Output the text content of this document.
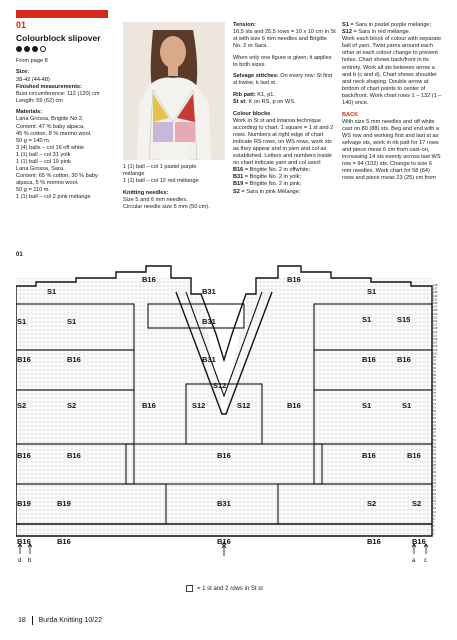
01
Colourblock slipover

From page 8

Size:

38-42 (44-48)
Finished measurements:
Bust circumference: 112 (120) cm

Length: 59 (62) cm

Materials:
Lana Grossa, Brigitte No 2.
Content: 47 % baby alpaca,
45 % cotton, 8 % merino wool.
50 g = 140 m.
3 (4) balls – col 16 off white
1 (1) ball – col 31 yolk
1 (1) ball – col 19 pink
Lana Grossa, Sara.
Content: 65 % cotton, 30 % baby
alpaca, 5 % merino wool.
50 g = 110 m.
1 (1) ball – col 2 pink mélange
1 (1) ball – col 1 pastel purple
mélange

1 (1) ball – col 12 red mélange

Knitting needles:
Size 5 and 6 mm needles.
Circular needle size 5 mm (50 cm).
Tension:

16,5 sts and 25,5 rows = 10 x 10 cm in St st with size 6 mm needles and Brigitte No. 2 or Sara.

When only one figure is given, it applies to both sizes.

Selvage stitches: On every row: Sl first st kwise, k last st.

Rib patt: K1, p1.

St st: K on RS, p on WS.

Colour blocks
Work in St st and intarsia technique according to chart. 1 square = 1 st and 2 rows. Numbers at right edge of chart indicate RS rows, on WS rows, work sts as they appear and in yarn and col as established. Letters and numbers inside on chart indicate yarn and col used:
B16 = Brigitte No. 2 in offwhite;
B31 = Brigitte No. 2 in yolk;
B19 = Brigitte No. 2 in pink;
S2 = Sara in pink Mélange;
S1 = Sara in pastel purple mélange;
S12 = Sara in red mélange.

Work each block of colour with separate ball of yarn. Twist yarns around each other at each colour change to prevent holes. Chart shows back/front in its entirety. Work all sts between arrow a and b (c and d). Chart shows shoulder and neck shaping. Double arrow at bottom of chart points to center of back/front. Work chart rows 1 – 132 (1 – 140) once.

BACK
With size 5 mm needles and off white cast on 80 (88) sts. Beg and end with a WS row and working first and last st as selvage sts, work in rib patt for 17 rows and piece meas 6 cm from cast-on, increasing 14 sts evenly across last WS row = 94 (102) sts. Change to size 6 mm needles. Work chart for 58 (64) rows and piece meas 23 (25) cm from
01
B16	B16
S1	B31	S1
S1	S1	B31	S1	S15
B16	B16	B31	B16	B16
S12
S2	S2	B16	S12	S12	B16	S1	S1
B16	B16	B16	B16	B16
B19	B19	B31	S2	S2
B16	B16	B16	B16	B16
139
137
135
133
131
129
127
125
123
121
119
117
115
113
111
109
107
105
103
101
99
97
95
93
91
89
87
85
83
81
79
77
75
73
71
69
67
65
63
61
59
57
55
53
51
49
47
45
43
41
39
37
35
33
31
29
27
25
23
21
19
17
15
13
11
9
7
5
3
1
d b	a c
= 1 st and 2 rows in St st
18 Burda Knitting 10/22
